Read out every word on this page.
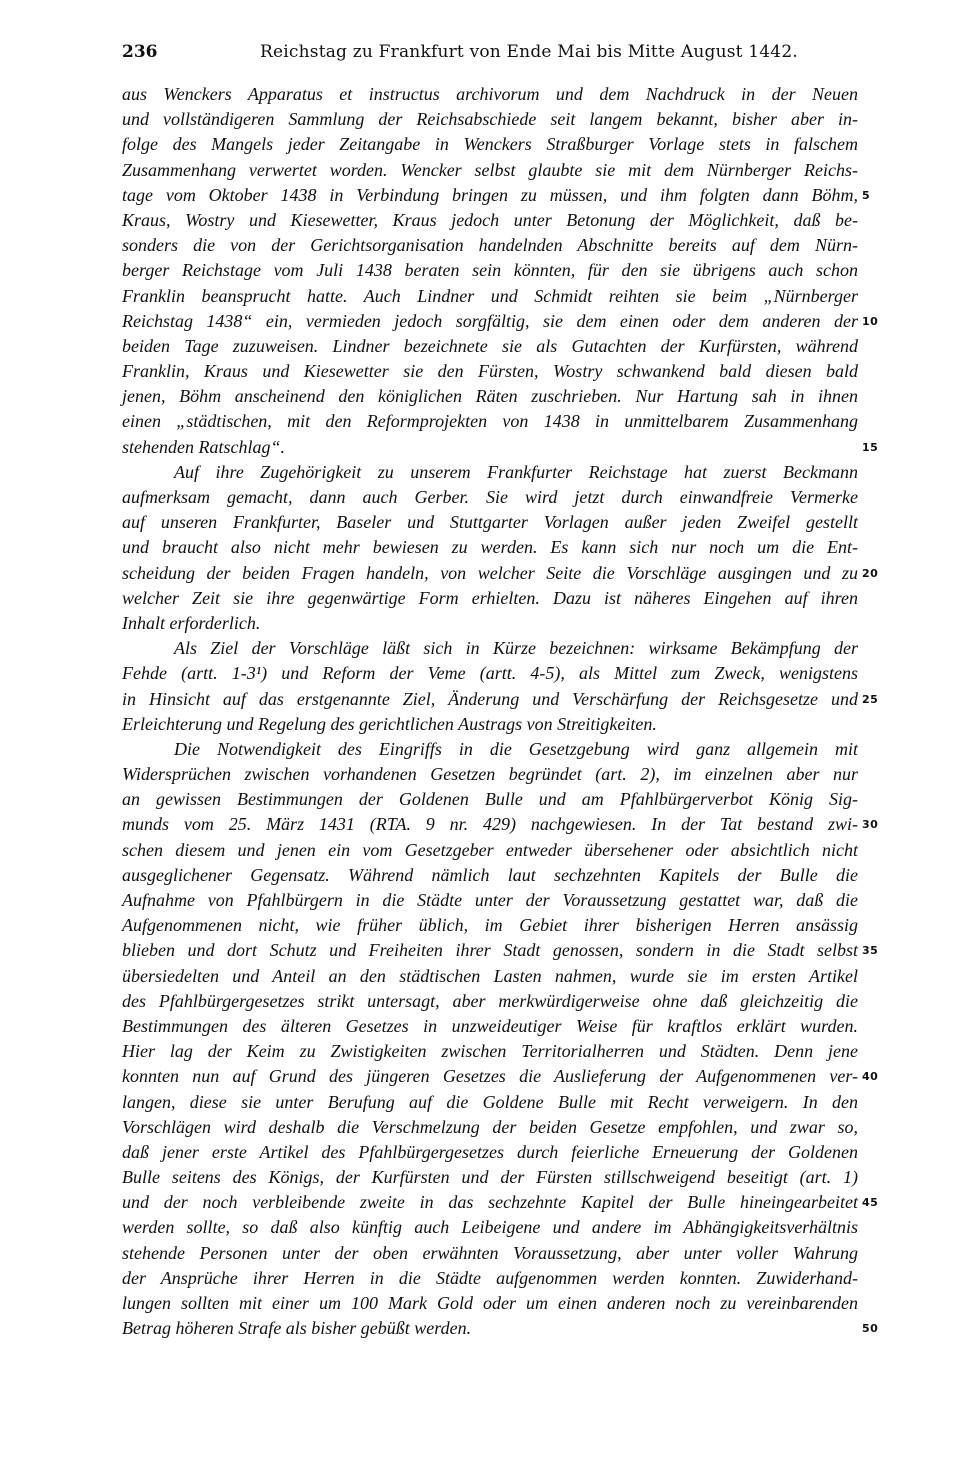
236	Reichstag zu Frankfurt von Ende Mai bis Mitte August 1442.
aus Wenckers Apparatus et instructus archivorum und dem Nachdruck in der Neuen
und vollständigeren Sammlung der Reichsabschiede seit langem bekannt, bisher aber in-
folge des Mangels jeder Zeitangabe in Wenckers Straßburger Vorlage stets in falschem
Zusammenhang verwertet worden. Wencker selbst glaubte sie mit dem Nürnberger Reichs-
tage vom Oktober 1438 in Verbindung bringen zu müssen, und ihm folgten dann Böhm, 5
Kraus, Wostry und Kiesewetter, Kraus jedoch unter Betonung der Möglichkeit, daß be-
sonders die von der Gerichtsorganisation handelnden Abschnitte bereits auf dem Nürn-
berger Reichstage vom Juli 1438 beraten sein könnten, für den sie übrigens auch schon
Franklin beansprucht hatte. Auch Lindner und Schmidt reihten sie beim „Nürnberger
Reichstag 1438“ ein, vermieden jedoch sorgfältig, sie dem einen oder dem anderen der 10
beiden Tage zuzuweisen. Lindner bezeichnete sie als Gutachten der Kurfürsten, während
Franklin, Kraus und Kiesewetter sie den Fürsten, Wostry schwankend bald diesen bald
jenen, Böhm anscheinend den königlichen Räten zuschrieben. Nur Hartung sah in ihnen
einen „städtischen, mit den Reformprojekten von 1438 in unmittelbarem Zusammenhang
stehenden Ratschlag“.	15
Auf ihre Zugehörigkeit zu unserem Frankfurter Reichstage hat zuerst Beckmann
aufmerksam gemacht, dann auch Gerber. Sie wird jetzt durch einwandfreie Vermerke
auf unseren Frankfurter, Baseler und Stuttgarter Vorlagen außer jeden Zweifel gestellt
und braucht also nicht mehr bewiesen zu werden. Es kann sich nur noch um die Ent-
scheidung der beiden Fragen handeln, von welcher Seite die Vorschläge ausgingen und zu 20
welcher Zeit sie ihre gegenwärtige Form erhielten. Dazu ist näheres Eingehen auf ihren
Inhalt erforderlich.
Als Ziel der Vorschläge läßt sich in Kürze bezeichnen: wirksame Bekämpfung der
Fehde (artt. 1-3¹) und Reform der Veme (artt. 4-5), als Mittel zum Zweck, wenigstens
in Hinsicht auf das erstgenannte Ziel, Änderung und Verschärfung der Reichsgesetze und 25
Erleichterung und Regelung des gerichtlichen Austrags von Streitigkeiten.
Die Notwendigkeit des Eingriffs in die Gesetzgebung wird ganz allgemein mit
Widersprüchen zwischen vorhandenen Gesetzen begründet (art. 2), im einzelnen aber nur
an gewissen Bestimmungen der Goldenen Bulle und am Pfahlbürgerverbot König Sig-
munds vom 25. März 1431 (RTA. 9 nr. 429) nachgewiesen. In der Tat bestand zwi- 30
schen diesem und jenen ein vom Gesetzgeber entweder übersehener oder absichtlich nicht
ausgeglichener Gegensatz. Während nämlich laut sechzehnten Kapitels der Bulle die
Aufnahme von Pfahlbürgern in die Städte unter der Voraussetzung gestattet war, daß die
Aufgenommenen nicht, wie früher üblich, im Gebiet ihrer bisherigen Herren ansässig
blieben und dort Schutz und Freiheiten ihrer Stadt genossen, sondern in die Stadt selbst 35
übersiedelten und Anteil an den städtischen Lasten nahmen, wurde sie im ersten Artikel
des Pfahlbürgergesetzes strikt untersagt, aber merkwürdigerweise ohne daß gleichzeitig die
Bestimmungen des älteren Gesetzes in unzweideutiger Weise für kraftlos erklärt wurden.
Hier lag der Keim zu Zwistigkeiten zwischen Territorialherren und Städten. Denn jene
konnten nun auf Grund des jüngeren Gesetzes die Auslieferung der Aufgenommenen ver- 40
langen, diese sie unter Berufung auf die Goldene Bulle mit Recht verweigern. In den
Vorschlägen wird deshalb die Verschmelzung der beiden Gesetze empfohlen, und zwar so,
daß jener erste Artikel des Pfahlbürgergesetzes durch feierliche Erneuerung der Goldenen
Bulle seitens des Königs, der Kurfürsten und der Fürsten stillschweigend beseitigt (art. 1)
und der noch verbleibende zweite in das sechzehnte Kapitel der Bulle hineingearbeitet 45
werden sollte, so daß also künftig auch Leibeigene und andere im Abhängigkeitsverhältnis
stehende Personen unter der oben erwähnten Voraussetzung, aber unter voller Wahrung
der Ansprüche ihrer Herren in die Städte aufgenommen werden konnten. Zuwiderhand-
lungen sollten mit einer um 100 Mark Gold oder um einen anderen noch zu vereinbarenden
Betrag höheren Strafe als bisher gebüßt werden.	50
